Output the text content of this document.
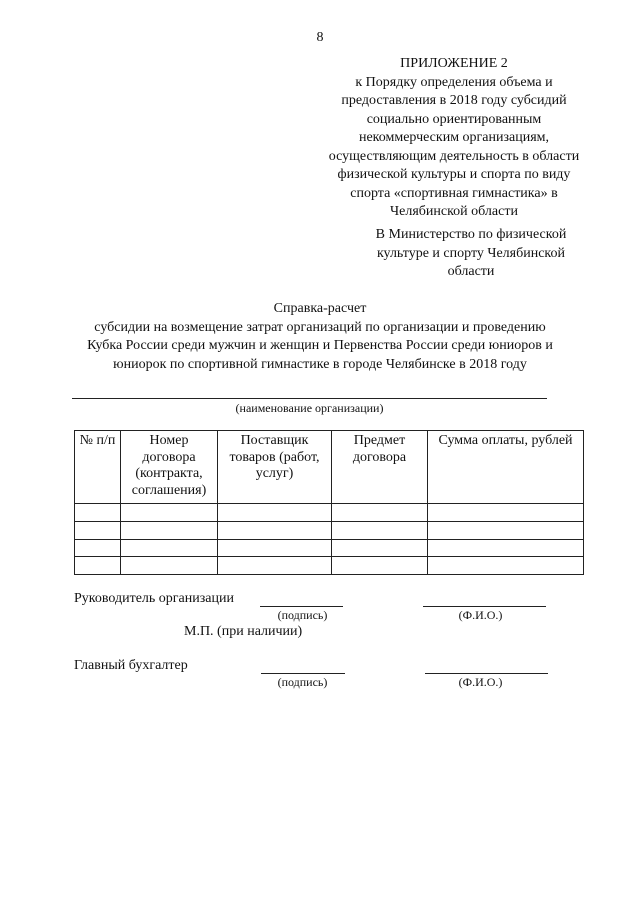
8
ПРИЛОЖЕНИЕ 2
к Порядку определения объема и
предоставления в 2018 году субсидий
социально ориентированным
некоммерческим организациям,
осуществляющим деятельность в области
физической культуры и спорта по виду
спорта «спортивная гимнастика» в
Челябинской области
В Министерство по физической
культуре и спорту Челябинской
области
Справка-расчет
субсидии на возмещение затрат организаций по организации и проведению
Кубка России среди мужчин и женщин и Первенства России среди юниоров и
юниорок по спортивной гимнастике в городе Челябинске в 2018 году
(наименование организации)
№ п/п	Номер договора (контракта, соглашения)	Поставщик товаров (работ, услуг)	Предмет договора	Сумма оплаты, рублей

Руководитель организации
(подпись)	(Ф.И.О.)
М.П. (при наличии)
Главный бухгалтер
(подпись)	(Ф.И.О.)
